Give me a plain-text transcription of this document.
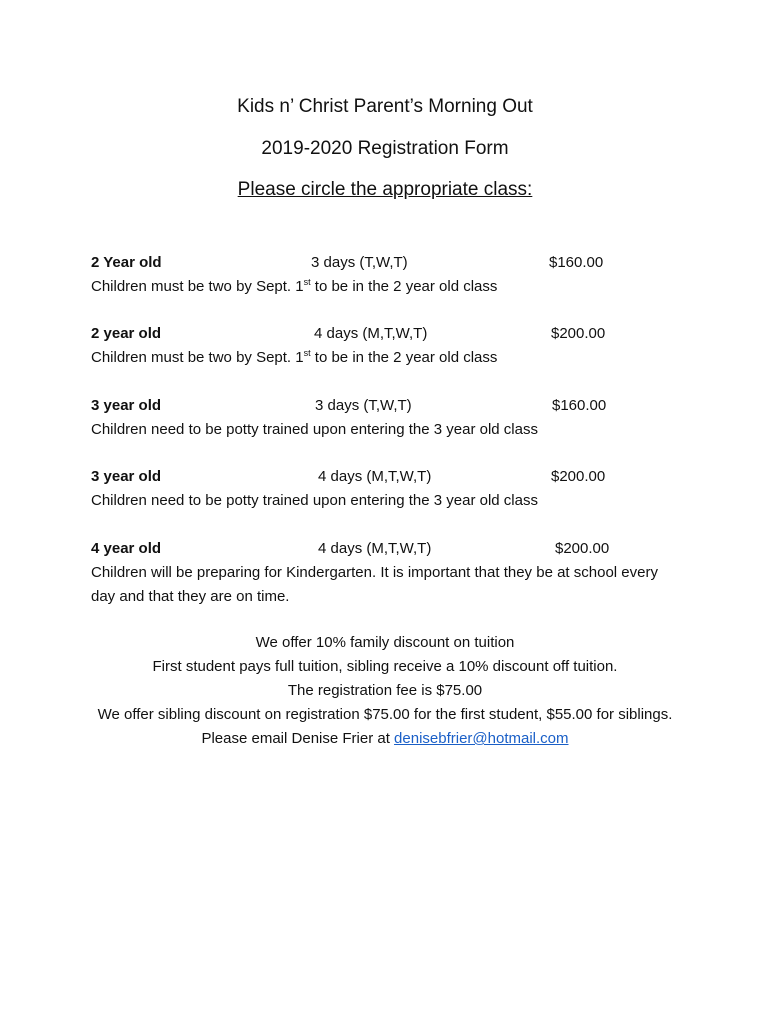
Kids n’ Christ Parent’s Morning Out
2019-2020 Registration Form
Please circle the appropriate class:
2 Year old	3 days (T,W,T)	$160.00
Children must be two by Sept. 1st to be in the 2 year old class
2 year old	4 days (M,T,W,T)	$200.00
Children must be two by Sept. 1st to be in the 2 year old class
3 year old	3 days (T,W,T)	$160.00
Children need to be potty trained upon entering the 3 year old class
3 year old	4 days (M,T,W,T)	$200.00
Children need to be potty trained upon entering the 3 year old class
4 year old	4 days (M,T,W,T)	$200.00
Children will be preparing for Kindergarten. It is important that they be at school every day and that they are on time.

We offer 10% family discount on tuition

First student pays full tuition, sibling receive a 10% discount off tuition.

The registration fee is $75.00

We offer sibling discount on registration $75.00 for the first student, $55.00 for siblings.

Please email Denise Frier at denisebfrier@hotmail.com
